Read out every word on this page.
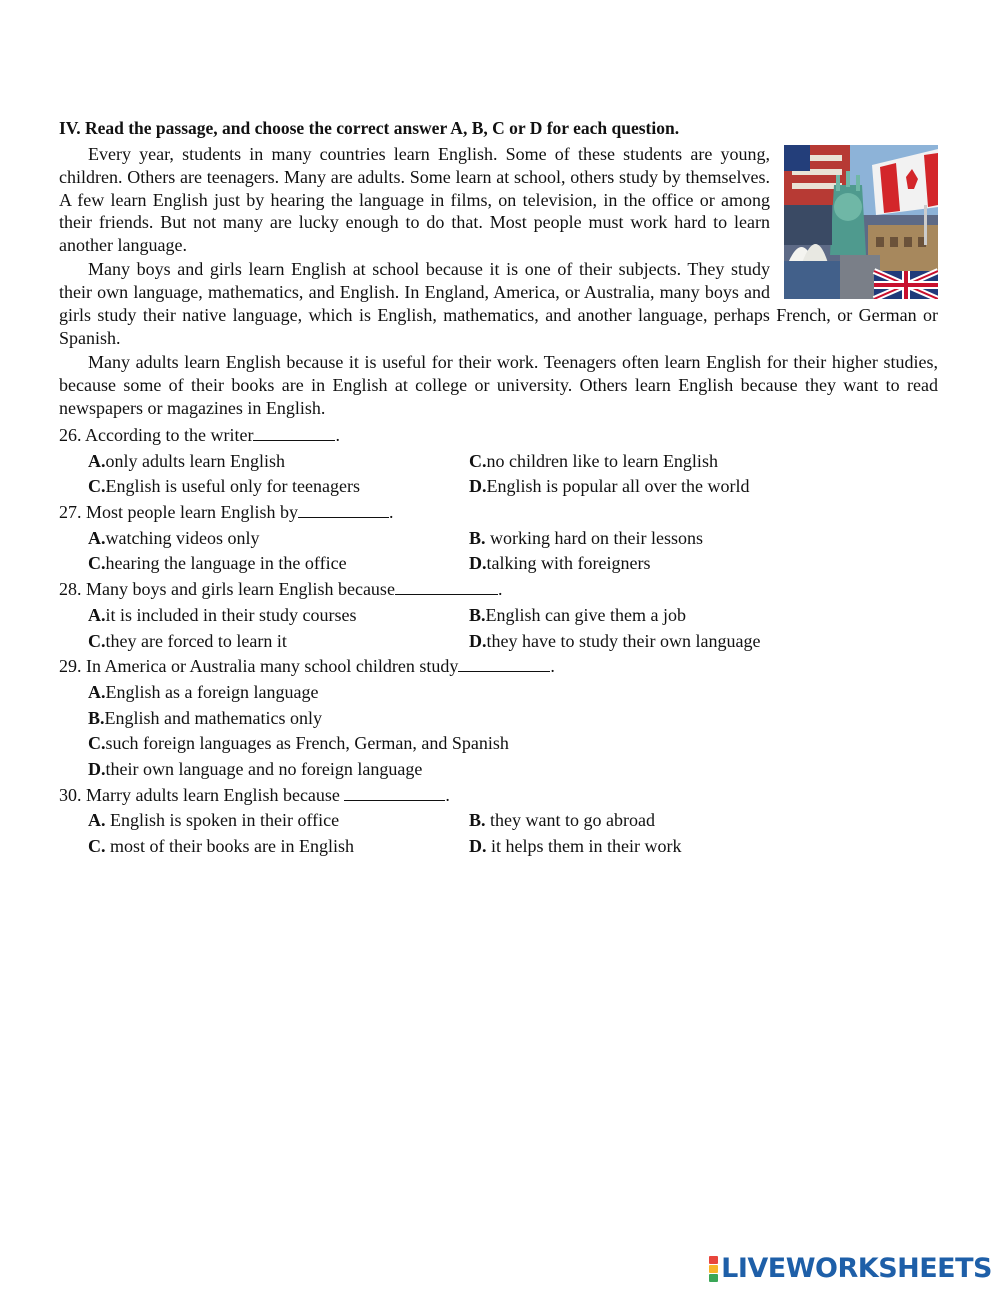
IV. Read the passage, and choose the correct answer A, B, C or D for each question.

Every year, students in many countries learn English. Some of these students are young, children. Others are teenagers. Many are adults. Some learn at school, others study by themselves. A few learn English just by hearing the language in films, on television, in the office or among their friends. But not many are lucky enough to do that. Most people must work hard to learn another language.

Many boys and girls learn English at school because it is one of their subjects. They study their own language, mathematics, and English. In England, America, or Australia, many boys and girls study their native language, which is English, mathematics, and another language, perhaps French, or German or Spanish.

Many adults learn English because it is useful for their work. Teenagers often learn English for their higher studies, because some of their books are in English at college or university. Others learn English because they want to read newspapers or magazines in English.

26. According to the writer	.
A.only adults learn English	C.no children like to learn English
C.English is useful only for teenagers	D.English is popular all over the world
27. Most people learn English by	.
A.watching videos only	B. working hard on their lessons
C.hearing the language in the office	D.talking with foreigners
28. Many boys and girls learn English because	.
A.it is included in their study courses	B.English can give them a job
C.they are forced to learn it	D.they have to study their own language
29. In America or Australia many school children study	.
A.English as a foreign language
B.English and mathematics only
C.such foreign languages as French, German, and Spanish
D.their own language and no foreign language
30. Marry adults learn English because	.
A. English is spoken in their office	B. they want to go abroad
C. most of their books are in English	D. it helps them in their work
LIVEWORKSHEETS
